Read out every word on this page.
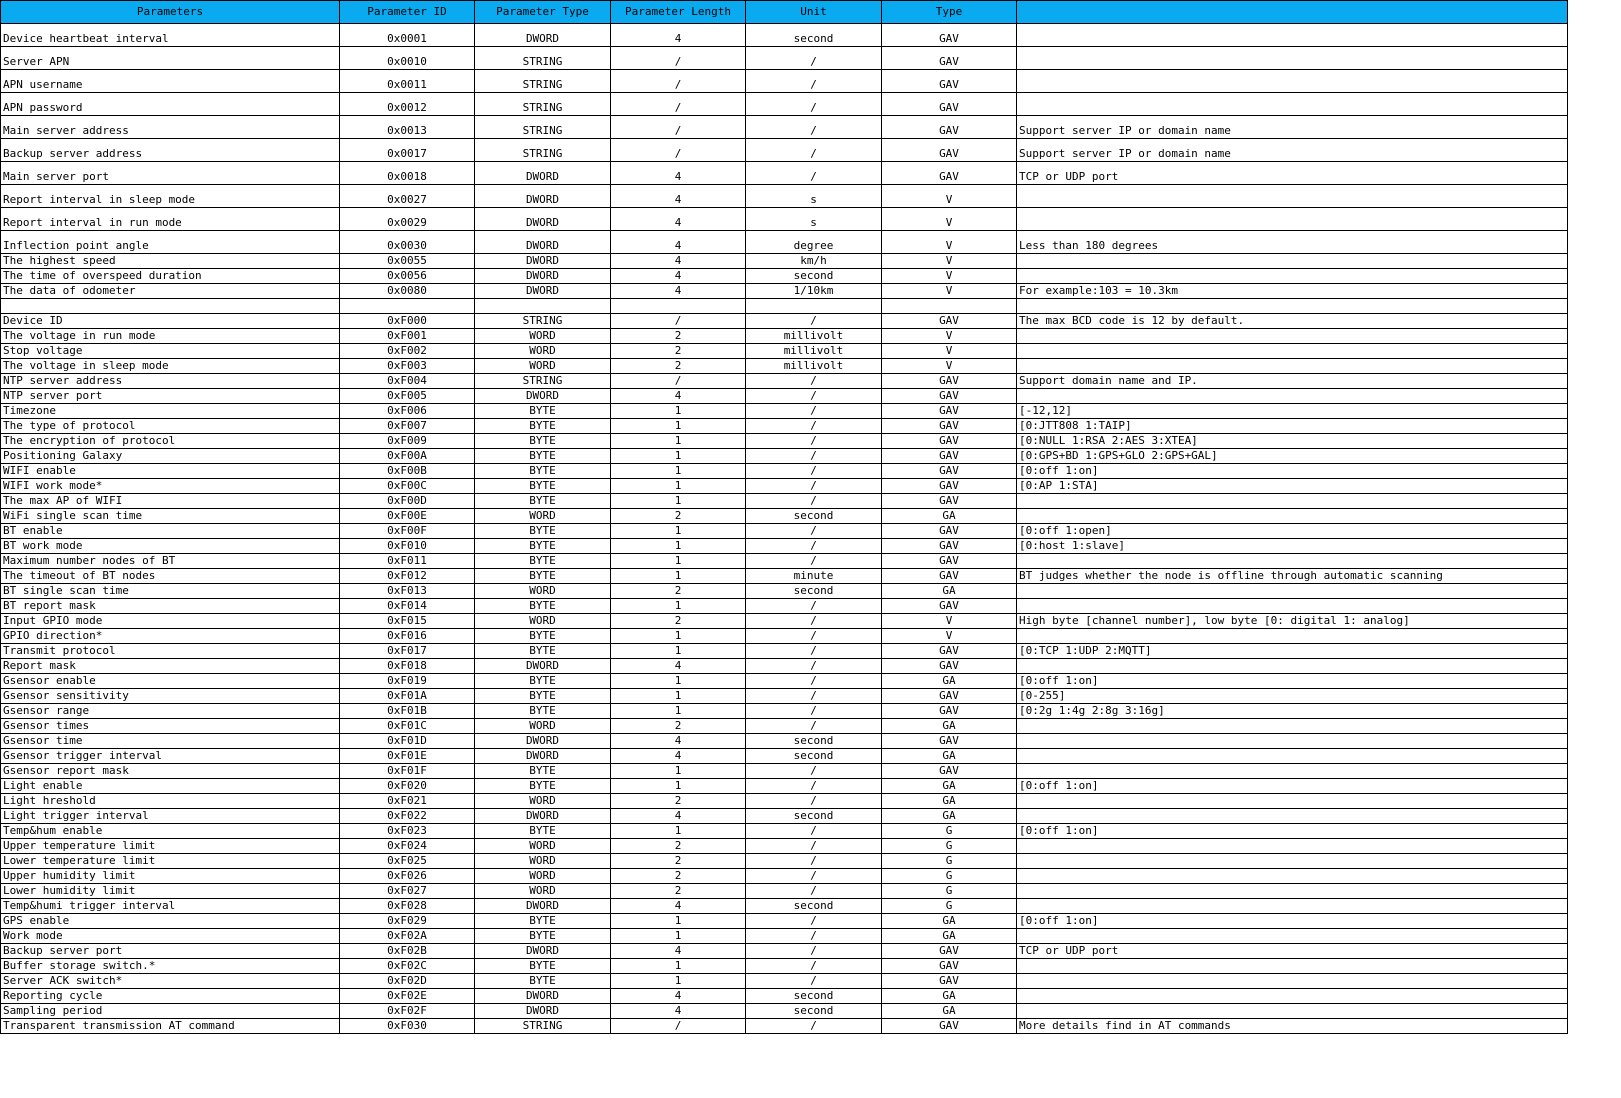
Parameters	Parameter ID	Parameter Type	Parameter Length	Unit	Type	
Device heartbeat interval	0x0001	DWORD	4	second	GAV	
Server APN	0x0010	STRING	/	/	GAV	
APN username	0x0011	STRING	/	/	GAV	
APN password	0x0012	STRING	/	/	GAV	
Main server address	0x0013	STRING	/	/	GAV	Support server IP or domain name
Backup server address	0x0017	STRING	/	/	GAV	Support server IP or domain name
Main server port	0x0018	DWORD	4	/	GAV	TCP or UDP port
Report interval in sleep mode	0x0027	DWORD	4	s	V	
Report interval in run mode	0x0029	DWORD	4	s	V	
Inflection point angle	0x0030	DWORD	4	degree	V	Less than 180 degrees
The highest speed	0x0055	DWORD	4	km/h	V	
The time of overspeed duration	0x0056	DWORD	4	second	V	
The data of odometer	0x0080	DWORD	4	1/10km	V	For example:103 = 10.3km

Device ID	0xF000	STRING	/	/	GAV	The max BCD code is 12 by default.
The voltage in run mode	0xF001	WORD	2	millivolt	V	
Stop voltage	0xF002	WORD	2	millivolt	V	
The voltage in sleep mode	0xF003	WORD	2	millivolt	V	
NTP server address	0xF004	STRING	/	/	GAV	Support domain name and IP.
NTP server port	0xF005	DWORD	4	/	GAV	
Timezone	0xF006	BYTE	1	/	GAV	[-12,12]
The type of protocol	0xF007	BYTE	1	/	GAV	[0:JTT808 1:TAIP]
The encryption of protocol	0xF009	BYTE	1	/	GAV	[0:NULL 1:RSA 2:AES 3:XTEA]
Positioning Galaxy	0xF00A	BYTE	1	/	GAV	[0:GPS+BD 1:GPS+GLO 2:GPS+GAL]
WIFI enable	0xF00B	BYTE	1	/	GAV	[0:off 1:on]
WIFI work mode*	0xF00C	BYTE	1	/	GAV	[0:AP 1:STA]
The max AP of WIFI	0xF00D	BYTE	1	/	GAV	
WiFi single scan time	0xF00E	WORD	2	second	GA	
BT enable	0xF00F	BYTE	1	/	GAV	[0:off 1:open]
BT work mode	0xF010	BYTE	1	/	GAV	[0:host 1:slave]
Maximum number nodes of BT	0xF011	BYTE	1	/	GAV	
The timeout of BT nodes	0xF012	BYTE	1	minute	GAV	BT judges whether the node is offline through automatic scanning
BT single scan time	0xF013	WORD	2	second	GA	
BT report mask	0xF014	BYTE	1	/	GAV	
Input GPIO mode	0xF015	WORD	2	/	V	High byte [channel number], low byte [0: digital 1: analog]
GPIO direction*	0xF016	BYTE	1	/	V	
Transmit protocol	0xF017	BYTE	1	/	GAV	[0:TCP 1:UDP 2:MQTT]
Report mask	0xF018	DWORD	4	/	GAV	
Gsensor enable	0xF019	BYTE	1	/	GA	[0:off 1:on]
Gsensor sensitivity	0xF01A	BYTE	1	/	GAV	[0-255]
Gsensor range	0xF01B	BYTE	1	/	GAV	[0:2g 1:4g 2:8g 3:16g]
Gsensor times	0xF01C	WORD	2	/	GA	
Gsensor time	0xF01D	DWORD	4	second	GAV	
Gsensor trigger interval	0xF01E	DWORD	4	second	GA	
Gsensor report mask	0xF01F	BYTE	1	/	GAV	
Light enable	0xF020	BYTE	1	/	GA	[0:off 1:on]
Light hreshold	0xF021	WORD	2	/	GA	
Light trigger interval	0xF022	DWORD	4	second	GA	
Temp&hum enable	0xF023	BYTE	1	/	G	[0:off 1:on]
Upper temperature limit	0xF024	WORD	2	/	G	
Lower temperature limit	0xF025	WORD	2	/	G	
Upper humidity limit	0xF026	WORD	2	/	G	
Lower humidity limit	0xF027	WORD	2	/	G	
Temp&humi trigger interval	0xF028	DWORD	4	second	G	
GPS enable	0xF029	BYTE	1	/	GA	[0:off 1:on]
Work mode	0xF02A	BYTE	1	/	GA	
Backup server port	0xF02B	DWORD	4	/	GAV	TCP or UDP port
Buffer storage switch.*	0xF02C	BYTE	1	/	GAV	
Server ACK switch*	0xF02D	BYTE	1	/	GAV	
Reporting cycle	0xF02E	DWORD	4	second	GA	
Sampling period	0xF02F	DWORD	4	second	GA	
Transparent transmission AT command	0xF030	STRING	/	/	GAV	More details find in AT commands
